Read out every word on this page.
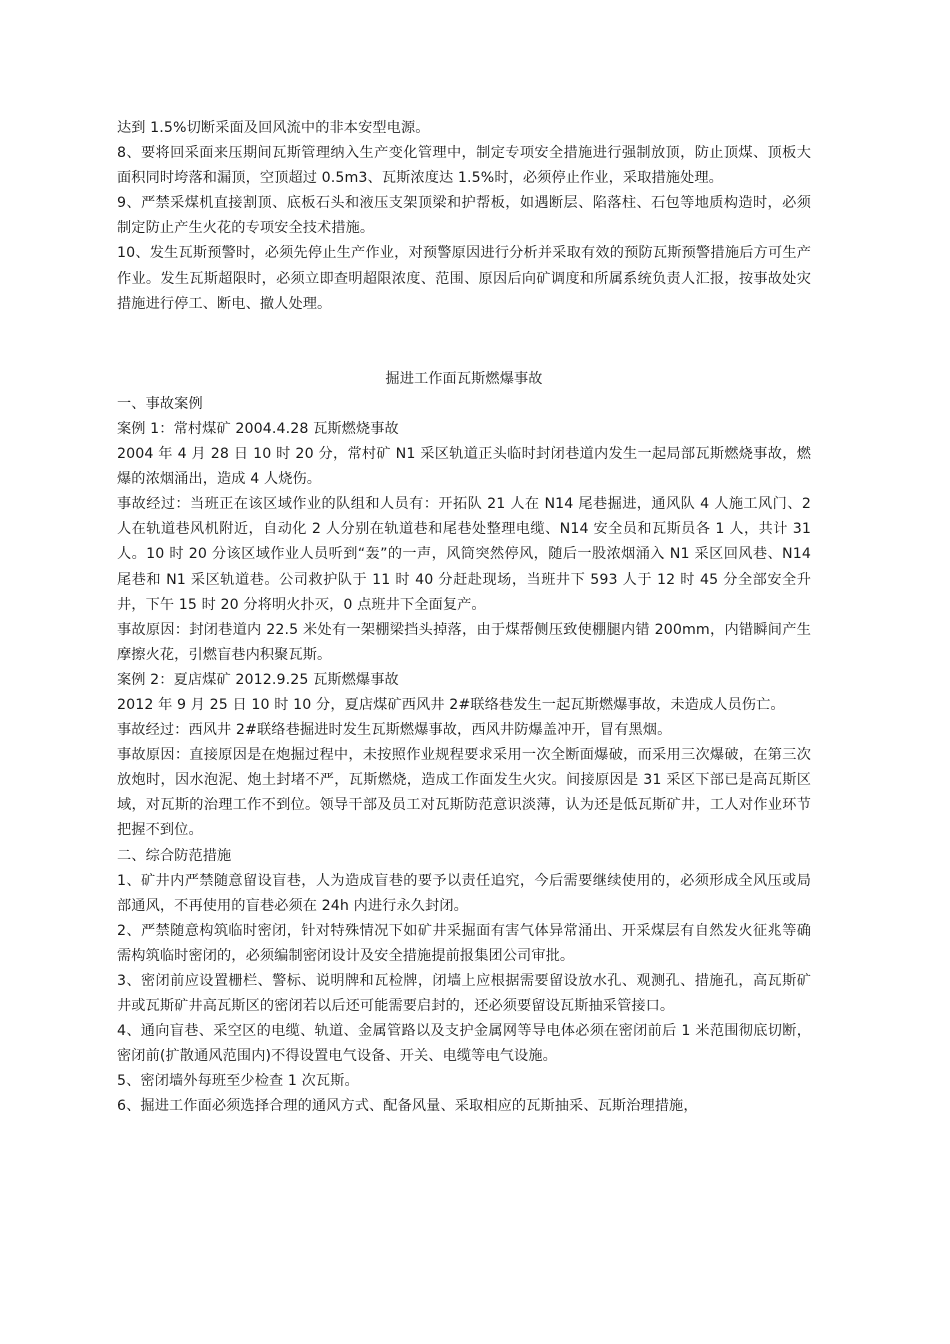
达到 1.5%切断采面及回风流中的非本安型电源。

8、要将回采面来压期间瓦斯管理纳入生产变化管理中，制定专项安全措施进行强制放顶，防止顶煤、顶板大面积同时垮落和漏顶，空顶超过 0.5m3、瓦斯浓度达 1.5%时，必须停止作业，采取措施处理。

9、严禁采煤机直接割顶、底板石头和液压支架顶梁和护帮板，如遇断层、陷落柱、石包等地质构造时，必须制定防止产生火花的专项安全技术措施。

10、发生瓦斯预警时，必须先停止生产作业，对预警原因进行分析并采取有效的预防瓦斯预警措施后方可生产作业。发生瓦斯超限时，必须立即查明超限浓度、范围、原因后向矿调度和所属系统负责人汇报，按事故处灾措施进行停工、断电、撤人处理。

掘进工作面瓦斯燃爆事故

一、事故案例

案例 1：常村煤矿 2004.4.28 瓦斯燃烧事故

2004 年 4 月 28 日 10 时 20 分，常村矿 N1 采区轨道正头临时封闭巷道内发生一起局部瓦斯燃烧事故，燃爆的浓烟涌出，造成 4 人烧伤。

事故经过：当班正在该区域作业的队组和人员有：开拓队 21 人在 N14 尾巷掘进，通风队 4 人施工风门、2 人在轨道巷风机附近，自动化 2 人分别在轨道巷和尾巷处整理电缆、N14 安全员和瓦斯员各 1 人，共计 31 人。10 时 20 分该区域作业人员听到“轰”的一声，风筒突然停风，随后一股浓烟涌入 N1 采区回风巷、N14 尾巷和 N1 采区轨道巷。公司救护队于 11 时 40 分赶赴现场，当班井下 593 人于 12 时 45 分全部安全升井，下午 15 时 20 分将明火扑灭，0 点班井下全面复产。

事故原因：封闭巷道内 22.5 米处有一架棚梁挡头掉落，由于煤帮侧压致使棚腿内错 200mm，内错瞬间产生摩擦火花，引燃盲巷内积聚瓦斯。

案例 2：夏店煤矿 2012.9.25 瓦斯燃爆事故

2012 年 9 月 25 日 10 时 10 分，夏店煤矿西风井 2#联络巷发生一起瓦斯燃爆事故，未造成人员伤亡。

事故经过：西风井 2#联络巷掘进时发生瓦斯燃爆事故，西风井防爆盖冲开，冒有黑烟。

事故原因：直接原因是在炮掘过程中，未按照作业规程要求采用一次全断面爆破，而采用三次爆破，在第三次放炮时，因水泡泥、炮土封堵不严，瓦斯燃烧，造成工作面发生火灾。间接原因是 31 采区下部已是高瓦斯区域，对瓦斯的治理工作不到位。领导干部及员工对瓦斯防范意识淡薄，认为还是低瓦斯矿井，工人对作业环节把握不到位。

二、综合防范措施

1、矿井内严禁随意留设盲巷，人为造成盲巷的要予以责任追究，今后需要继续使用的，必须形成全风压或局部通风，不再使用的盲巷必须在 24h 内进行永久封闭。

2、严禁随意构筑临时密闭，针对特殊情况下如矿井采掘面有害气体异常涌出、开采煤层有自然发火征兆等确需构筑临时密闭的，必须编制密闭设计及安全措施提前报集团公司审批。

3、密闭前应设置栅栏、警标、说明牌和瓦检牌，闭墙上应根据需要留设放水孔、观测孔、措施孔，高瓦斯矿井或瓦斯矿井高瓦斯区的密闭若以后还可能需要启封的，还必须要留设瓦斯抽采管接口。

4、通向盲巷、采空区的电缆、轨道、金属管路以及支护金属网等导电体必须在密闭前后 1 米范围彻底切断，密闭前(扩散通风范围内)不得设置电气设备、开关、电缆等电气设施。

5、密闭墙外每班至少检查 1 次瓦斯。

6、掘进工作面必须选择合理的通风方式、配备风量、采取相应的瓦斯抽采、瓦斯治理措施，
